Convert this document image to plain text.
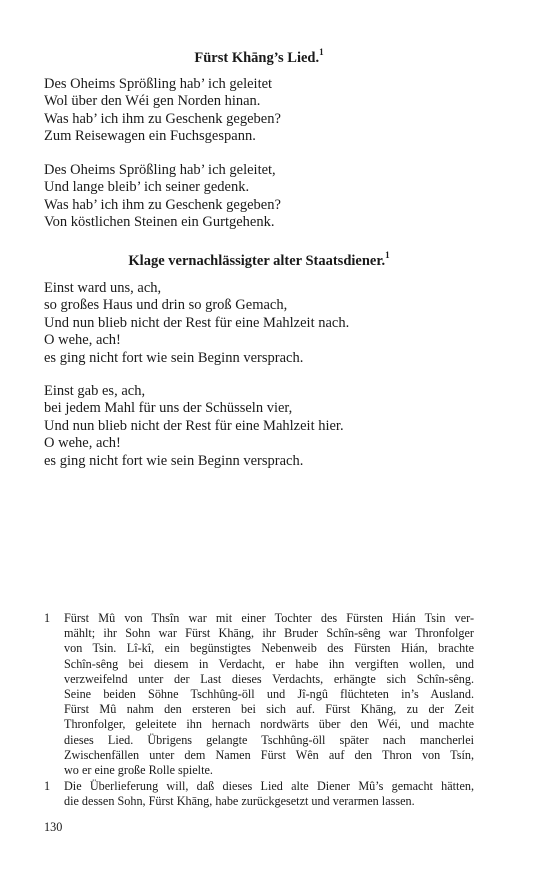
Fürst Khāng’s Lied.$^1$
Des Oheims Sprößling hab’ ich geleitet
Wol über den Wéi gen Norden hinan.
Was hab’ ich ihm zu Geschenk gegeben?
Zum Reisewagen ein Fuchsgespann.
Des Oheims Sprößling hab’ ich geleitet,
Und lange bleib’ ich seiner gedenk.
Was hab’ ich ihm zu Geschenk gegeben?
Von köstlichen Steinen ein Gurtgehenk.
Klage vernachlässigter alter Staatsdiener.$^1$
Einst ward uns, ach,
so großes Haus und drin so groß Gemach,
Und nun blieb nicht der Rest für eine Mahlzeit nach.
O wehe, ach!
es ging nicht fort wie sein Beginn versprach.
Einst gab es, ach,
bei jedem Mahl für uns der Schüsseln vier,
Und nun blieb nicht der Rest für eine Mahlzeit hier.
O wehe, ach!
es ging nicht fort wie sein Beginn versprach.
1	Fürst Mû von Thsîn war mit einer Tochter des Fürsten Hián Tsin ver-
mählt; ihr Sohn war Fürst Khāng, ihr Bruder Schîn-sêng war Thronfolger
von Tsin. Lî-kî, ein begünstigtes Nebenweib des Fürsten Hián, brachte
Schîn-sêng bei diesem in Verdacht, er habe ihn vergiften wollen, und
verzweifelnd unter der Last dieses Verdachts, erhängte sich Schîn-sêng.
Seine beiden Söhne Tschhûng-öll und Jî-ngû flüchteten in’s Ausland.
Fürst Mû nahm den ersteren bei sich auf. Fürst Khāng, zu der Zeit
Thronfolger, geleitete ihn hernach nordwärts über den Wéi, und machte
dieses Lied. Übrigens gelangte Tschhûng-öll später nach mancherlei
Zwischenfällen unter dem Namen Fürst Wên auf den Thron von Tsín,
wo er eine große Rolle spielte.
1	Die Überlieferung will, daß dieses Lied alte Diener Mû’s gemacht hätten,
die dessen Sohn, Fürst Khāng, habe zurückgesetzt und verarmen lassen.
130
